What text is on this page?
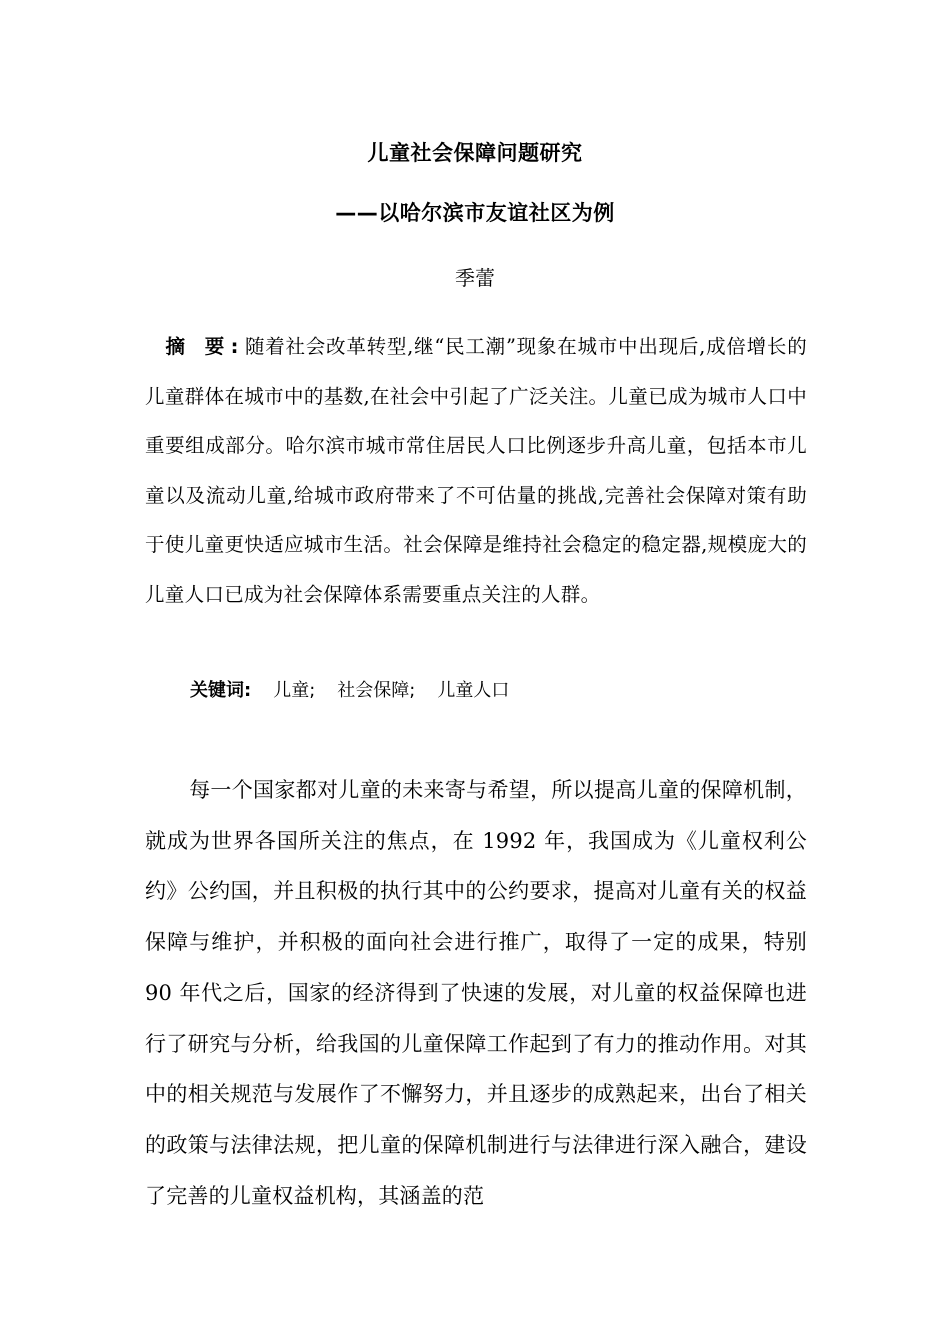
儿童社会保障问题研究
——以哈尔滨市友谊社区为例
季蕾
摘 要:随着社会改革转型,继“民工潮”现象在城市中出现后,成倍增长的儿童群体在城市中的基数,在社会中引起了广泛关注。儿童已成为城市人口中重要组成部分。哈尔滨市城市常住居民人口比例逐步升高儿童，包括本市儿童以及流动儿童,给城市政府带来了不可估量的挑战,完善社会保障对策有助于使儿童更快适应城市生活。社会保障是维持社会稳定的稳定器,规模庞大的儿童人口已成为社会保障体系需要重点关注的人群。
关键词: 儿童; 社会保障; 儿童人口
每一个国家都对儿童的未来寄与希望，所以提高儿童的保障机制，就成为世界各国所关注的焦点，在 1992 年，我国成为《儿童权利公约》公约国，并且积极的执行其中的公约要求，提高对儿童有关的权益保障与维护，并积极的面向社会进行推广，取得了一定的成果，特别 90 年代之后，国家的经济得到了快速的发展，对儿童的权益保障也进行了研究与分析，给我国的儿童保障工作起到了有力的推动作用。对其中的相关规范与发展作了不懈努力，并且逐步的成熟起来，出台了相关的政策与法律法规，把儿童的保障机制进行与法律进行深入融合，建设了完善的儿童权益机构，其涵盖的范
